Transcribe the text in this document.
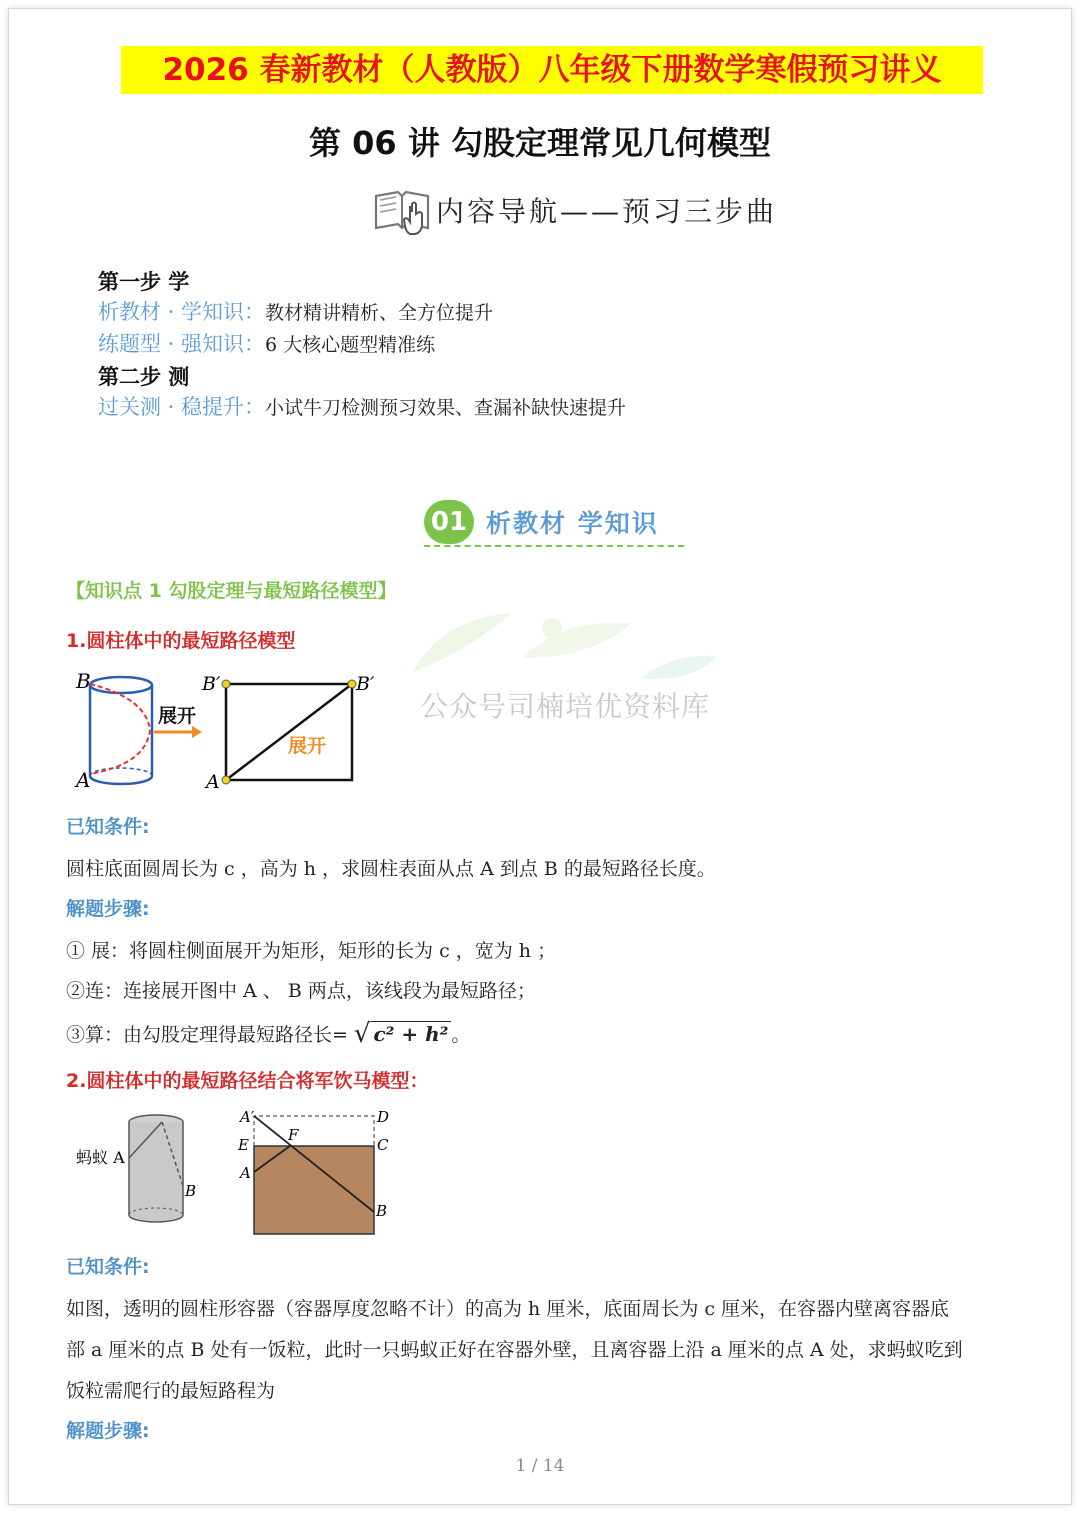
2026 春新教材（人教版）八年级下册数学寒假预习讲义
第 06 讲 勾股定理常见几何模型
内容导航——预习三步曲
第一步 学
析教材 · 学知识：教材精讲精析、全方位提升
练题型 · 强知识：6 大核心题型精准练
第二步 测
过关测 · 稳提升：小试牛刀检测预习效果、查漏补缺快速提升
01 析教材 学知识
【知识点 1 勾股定理与最短路径模型】
公众号司楠培优资料库
1.圆柱体中的最短路径模型
B
A
展开
B′	B′
A
展开
已知条件:
圆柱底面圆周长为 c ，高为 h ，求圆柱表面从点 A 到点 B 的最短路径长度。
解题步骤:
① 展：将圆柱侧面展开为矩形，矩形的长为 c ，宽为 h ；
②连：连接展开图中 A 、 B 两点，该线段为最短路径；
③算：由勾股定理得最短路径长= √ c² + h² 。
2.圆柱体中的最短路径结合将军饮马模型：
蚂蚁 A
B
A′	D
E
F
C
A
B
已知条件:
如图，透明的圆柱形容器（容器厚度忽略不计）的高为 h 厘米，底面周长为 c 厘米，在容器内壁离容器底
部 a 厘米的点 B 处有一饭粒，此时一只蚂蚁正好在容器外壁，且离容器上沿 a 厘米的点 A 处，求蚂蚁吃到
饭粒需爬行的最短路程为
解题步骤:
1 / 14
